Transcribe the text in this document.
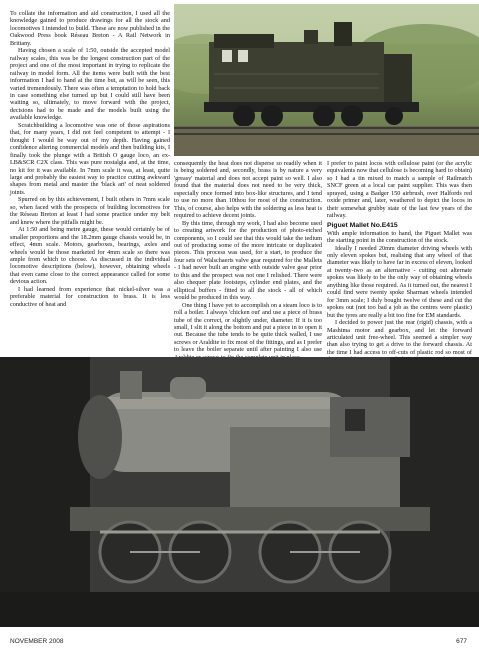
To collate the information and aid construction, I used all the knowledge gained to produce drawings for all the stock and locomotives I intended to build. These are now published in the Oakwood Press book Réseau Breton - A Rail Network in Brittany.

Having chosen a scale of 1:50, outside the accepted model railway scales, this was be the longest construction part of the project and one of the most important in trying to replicate the railway in model form. All the items were built with the best information I had to hand at the time but, as will be seen, this varied tremendously. There was often a temptation to hold back in case something else turned up but I could still have been waiting so, ultimately, to move forward with the project, decisions had to be made and the models built using the available knowledge.

Scratchbuilding a locomotive was one of those aspirations that, for many years, I did not feel competent to attempt - I thought I would be way out of my depth. Having gained confidence altering commercial models and then building kits, I finally took the plunge with a British O gauge loco, an ex-LB&SCR C2X class. This was pure nostalgia and, at the time, no kit for it was available. In 7mm scale it was, at least, quite large and probably the easiest way to practice cutting awkward shapes from metal and master the 'black art' of neat soldered joints.

Spurred on by this achievement, I built others in 7mm scale so, when faced with the prospects of building locomotives for the Réseau Breton at least I had some practice under my belt and knew where the pitfalls might be.

At 1:50 and being metre gauge, these would certainly be of smaller proportions and the 18.2mm gauge chassis would be, in effect, 4mm scale. Motors, gearboxes, bearings, axles and wheels would be those marketed for 4mm scale so there was ample from which to choose. As discussed in the individual locomotive descriptions (below), however, obtaining wheels that even came close to the correct appearance called for some devious action.

I had learned from experience that nickel-silver was a preferable material for construction to brass. It is less conductive of heat and

consequently the heat does not disperse so readily when it is being soldered and, secondly, brass is by nature a very 'greasy' material and does not accept paint so well. I also found that the material does not need to be very thick, especially once formed into box-like structures, and I tend to use no more than 10thou for most of the construction. This, of course, also helps with the soldering as less heat is required to achieve decent joints.

By this time, through my work, I had also become used to creating artwork for the production of photo-etched components, so I could see that this would take the tedium out of producing some of the more intricate or duplicated pieces. This process was used, for a start, to produce the four sets of Walschaerts valve gear required for the Mallets - I had never built an engine with outside valve gear prior to this and the prospect was not one I relished. There were also chequer plate footsteps, cylinder end plates, and the elliptical buffers - fitted to all the stock - all of which would be produced in this way.

One thing I have yet to accomplish on a steam loco is to roll a boiler. I always 'chicken out' and use a piece of brass tube of the correct, or slightly under, diameter. If it is too small, I slit it along the bottom and put a piece in to open it out. Because the tube tends to be quite thick walled, I use screws or Araldite to fix most of the fittings, and as I prefer to leave the boiler separate until after painting I also use

I prefer to paint locos with cellulose paint (or the acrylic equivalents now that cellulose is becoming hard to obtain) so I had a tin mixed to match a sample of Railmatch SNCF green at a local car paint supplier. This was then sprayed, using a Badger 150 airbrush, over Halfords red oxide primer and, later, weathered to depict the locos in their somewhat grubby state of the last few years of the railway.

Piguet Mallet No.E415

With ample information to hand, the Piguet Mallet was the starting point in the construction of the stock.

Ideally I needed 20mm diameter driving wheels with only eleven spokes but, realising that any wheel of that diameter was likely to have far in excess of eleven, looked at twenty-two as an alternative - cutting out alternate spokes was likely to be the only way of obtaining wheels anything like those required. As it turned out, the nearest I could find were twenty spoke Sharman wheels intended for 3mm scale; I duly bought twelve of these and cut the spokes out (not too bad a job as the centres were plastic) but the tyres are really a bit too fine for EM standards.

I decided to power just the rear (rigid) chassis, with a Mashima motor and gearbox, and let the forward articulated unit free-wheel. This seemed a simpler way than also trying to get a drive to the forward chassis. At the time I had access to off-cuts of plastic rod so most of

NOVEMBER 2008	677
